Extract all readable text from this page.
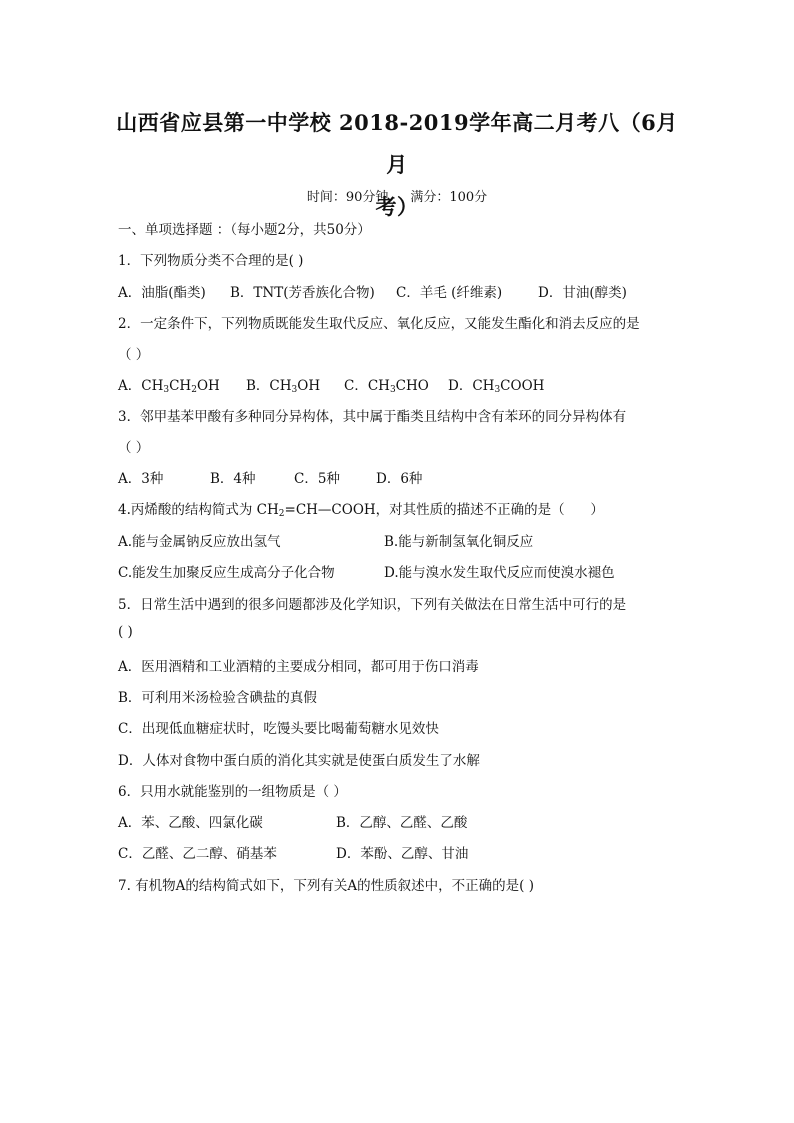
山西省应县第一中学校 2018-2019学年高二月考八（6月月
考）
时间：90分钟 满分：100分
一、单项选择题 ：（每小题2分，共50分）
1．下列物质分类不合理的是( )
A．油脂(酯类) B．TNT(芳香族化合物) C．羊毛 (纤维素)	D．甘油(醇类)
2．一定条件下，下列物质既能发生取代反应、氧化反应，又能发生酯化和消去反应的是
（ ）
A．$CH_3CH_2OH$ B．$CH_3OH$ C．$CH_3CHO$ D．$CH_3COOH$
3．邻甲基苯甲酸有多种同分异构体，其中属于酯类且结构中含有苯环的同分异构体有
（ ）
A．3种	B．4种	C．5种	D．6种
4.丙烯酸的结构简式为 $CH_2=CH—COOH$，对其性质的描述不正确的是（      ）
A.能与金属钠反应放出氢气	B.能与新制氢氧化铜反应
C.能发生加聚反应生成高分子化合物	D.能与溴水发生取代反应而使溴水褪色
5．日常生活中遇到的很多问题都涉及化学知识，下列有关做法在日常生活中可行的是
( )
A．医用酒精和工业酒精的主要成分相同，都可用于伤口消毒
B．可利用米汤检验含碘盐的真假
C．出现低血糖症状时，吃馒头要比喝葡萄糖水见效快
D．人体对食物中蛋白质的消化其实就是使蛋白质发生了水解
6．只用水就能鉴别的一组物质是（ ）
A．苯、乙酸、四氯化碳	B．乙醇、乙醛、乙酸
C．乙醛、乙二醇、硝基苯	D．苯酚、乙醇、甘油
7. 有机物A的结构简式如下，下列有关A的性质叙述中，不正确的是( )
